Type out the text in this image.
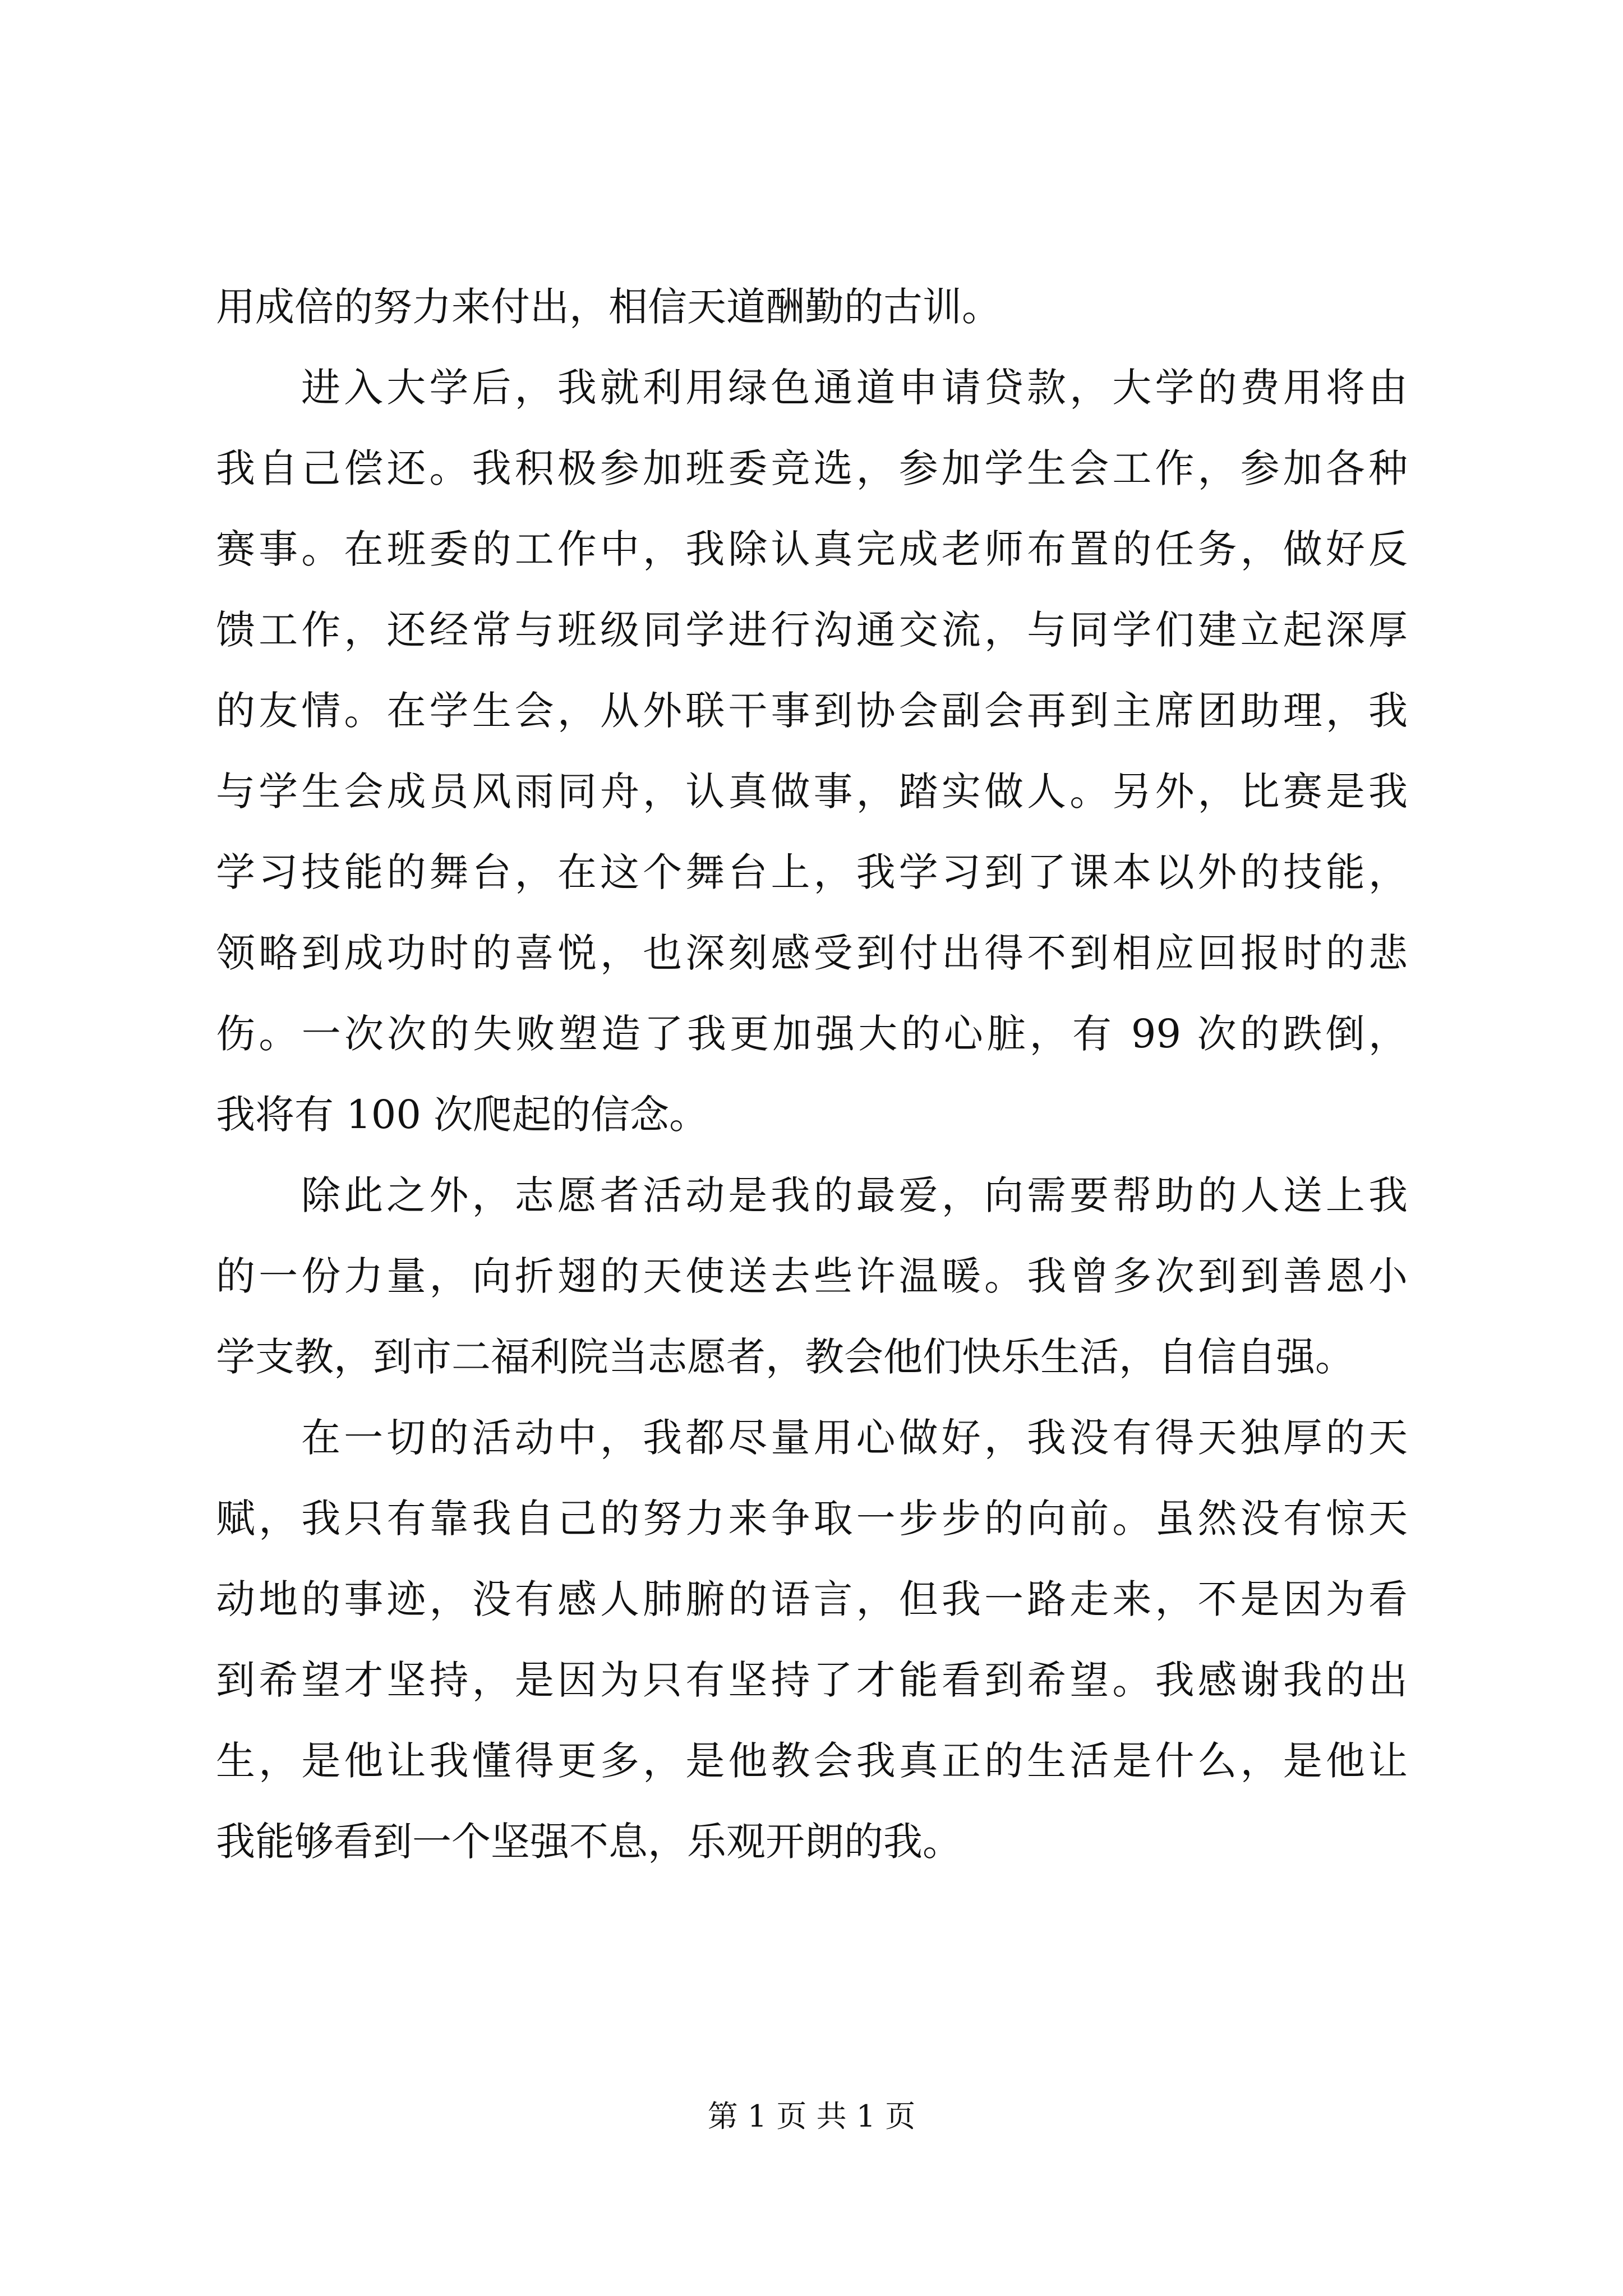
用成倍的努力来付出，相信天道酬勤的古训。
进入大学后，我就利用绿色通道申请贷款，大学的费用将由
我自己偿还。我积极参加班委竞选，参加学生会工作，参加各种
赛事。在班委的工作中，我除认真完成老师布置的任务，做好反
馈工作，还经常与班级同学进行沟通交流，与同学们建立起深厚
的友情。在学生会，从外联干事到协会副会再到主席团助理，我
与学生会成员风雨同舟，认真做事，踏实做人。另外，比赛是我
学习技能的舞台，在这个舞台上，我学习到了课本以外的技能，
领略到成功时的喜悦，也深刻感受到付出得不到相应回报时的悲
伤。一次次的失败塑造了我更加强大的心脏，有 99 次的跌倒，
我将有 100 次爬起的信念。
除此之外，志愿者活动是我的最爱，向需要帮助的人送上我
的一份力量，向折翅的天使送去些许温暖。我曾多次到到善恩小
学支教，到市二福利院当志愿者，教会他们快乐生活，自信自强。
在一切的活动中，我都尽量用心做好，我没有得天独厚的天
赋，我只有靠我自己的努力来争取一步步的向前。虽然没有惊天
动地的事迹，没有感人肺腑的语言，但我一路走来，不是因为看
到希望才坚持，是因为只有坚持了才能看到希望。我感谢我的出
生，是他让我懂得更多，是他教会我真正的生活是什么，是他让
我能够看到一个坚强不息，乐观开朗的我。
第 1 页 共 1 页
